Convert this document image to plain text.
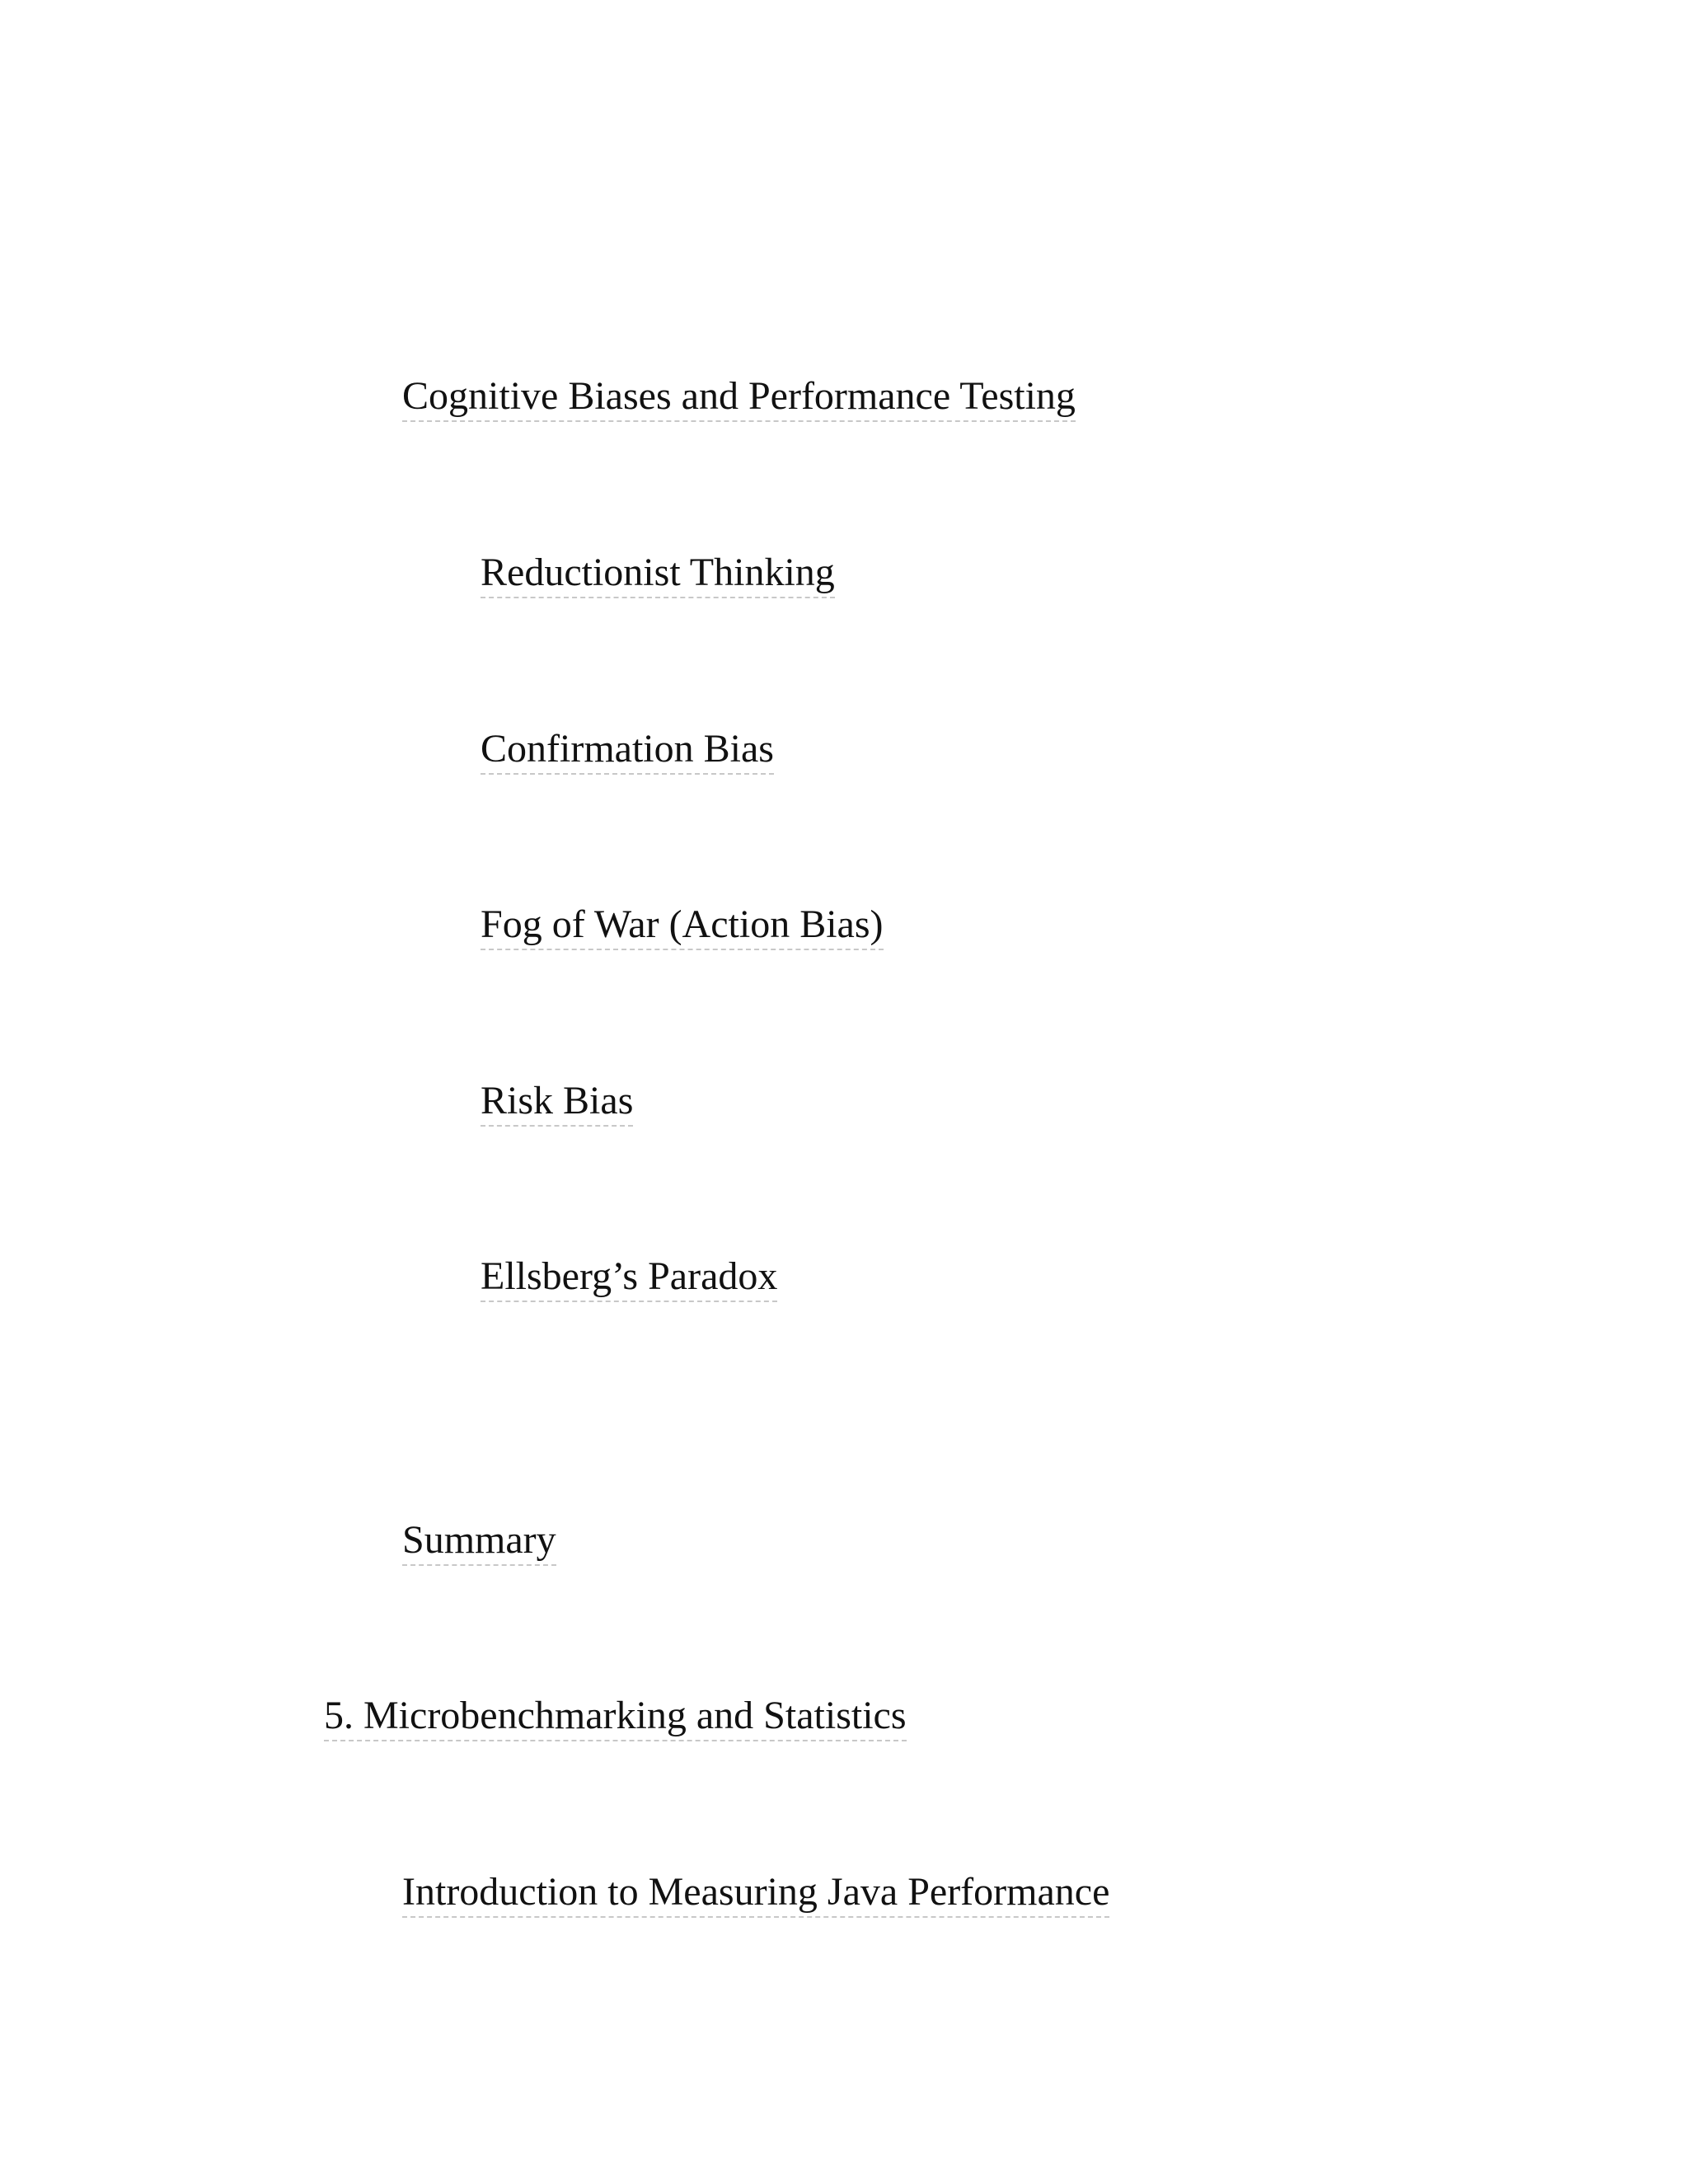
Cognitive Biases and Performance Testing
Reductionist Thinking
Confirmation Bias
Fog of War (Action Bias)
Risk Bias
Ellsberg’s Paradox
Summary
5. Microbenchmarking and Statistics
Introduction to Measuring Java Performance
